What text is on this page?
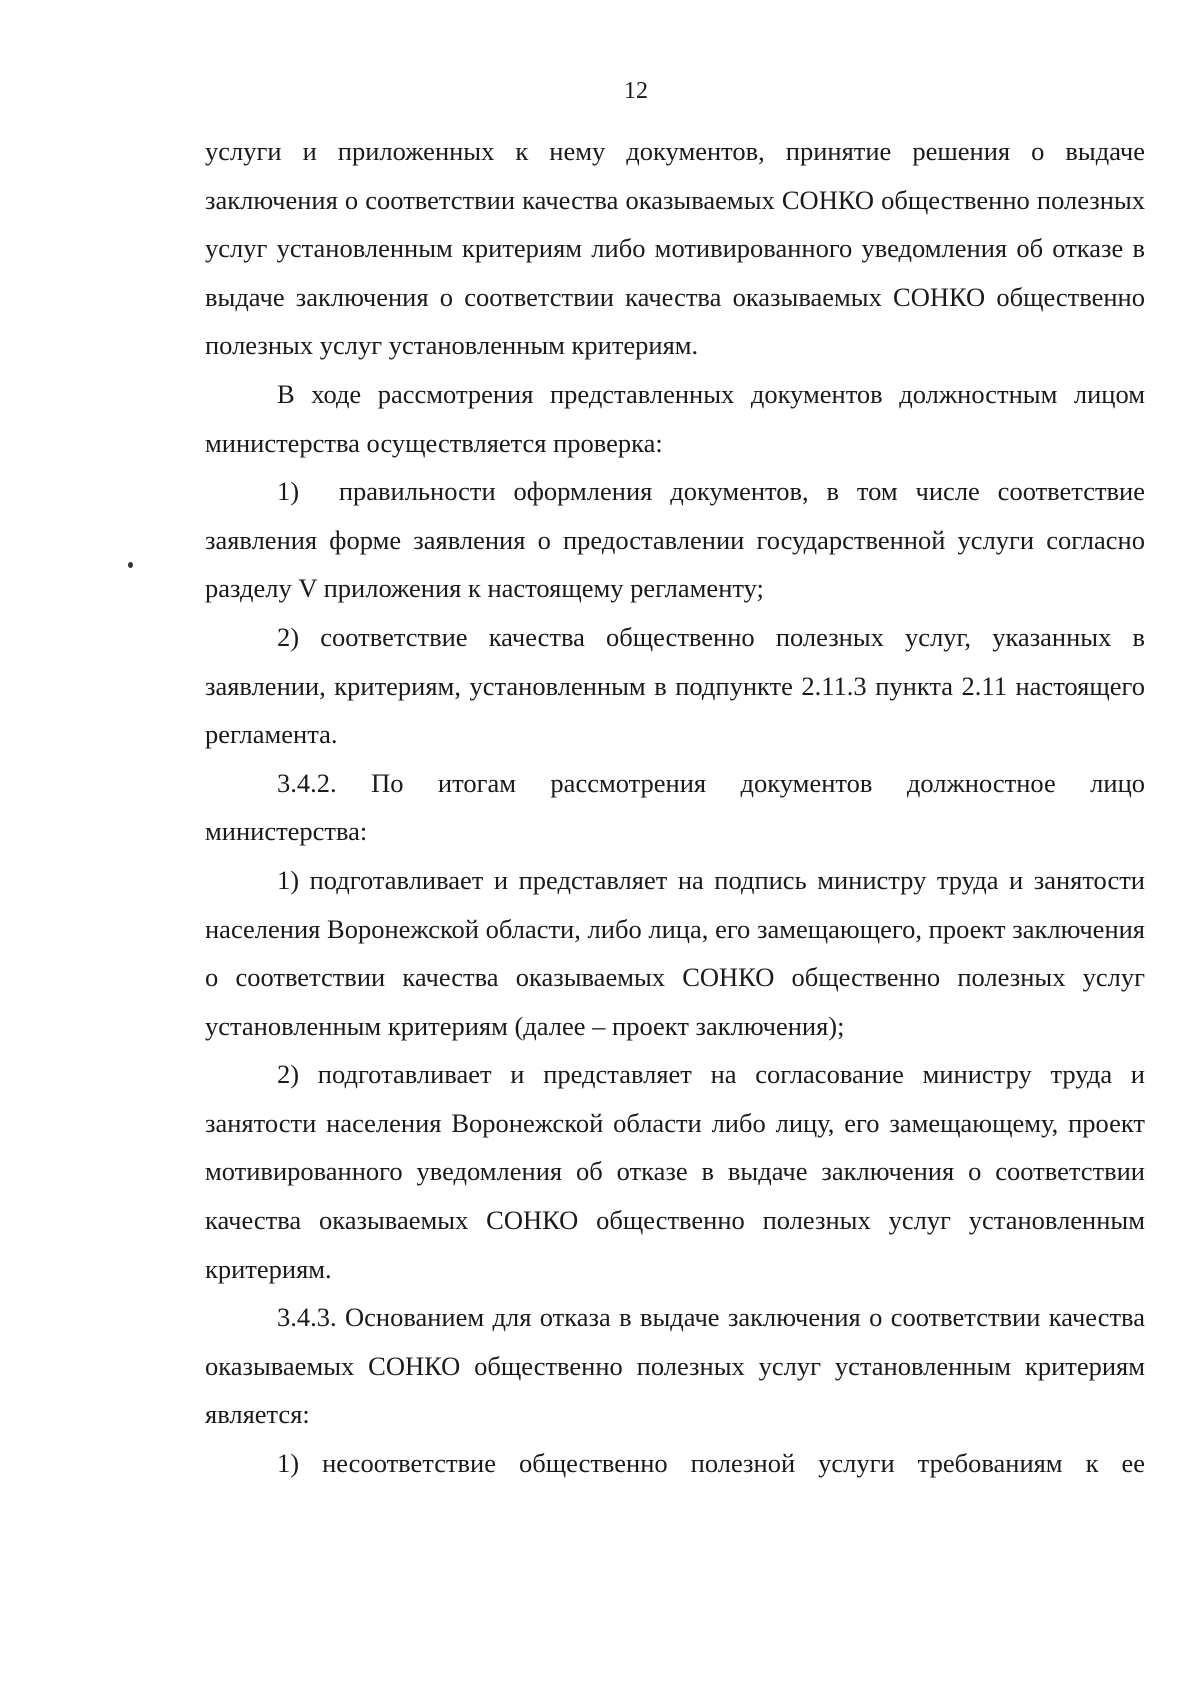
12

услуги и приложенных к нему документов, принятие решения о выдаче заключения о соответствии качества оказываемых СОНКО общественно полезных услуг установленным критериям либо мотивированного уведомления об отказе в выдаче заключения о соответствии качества оказываемых СОНКО общественно полезных услуг установленным критериям.

В ходе рассмотрения представленных документов должностным лицом министерства осуществляется проверка:

1)  правильности оформления документов, в том числе соответствие заявления форме заявления о предоставлении государственной услуги согласно разделу V приложения к настоящему регламенту;

2) соответствие качества общественно полезных услуг, указанных в заявлении, критериям, установленным в подпункте 2.11.3 пункта 2.11 настоящего регламента.

3.4.2. По итогам рассмотрения документов должностное лицо министерства:

1) подготавливает и представляет на подпись министру труда и занятости населения Воронежской области, либо лица, его замещающего, проект заключения о соответствии качества оказываемых СОНКО общественно полезных услуг установленным критериям (далее – проект заключения);

2) подготавливает и представляет на согласование министру труда и занятости населения Воронежской области либо лицу, его замещающему, проект мотивированного уведомления об отказе в выдаче заключения о соответствии качества оказываемых СОНКО общественно полезных услуг установленным критериям.

3.4.3. Основанием для отказа в выдаче заключения о соответствии качества оказываемых СОНКО общественно полезных услуг установленным критериям является:

1) несоответствие общественно полезной услуги требованиям к ее
